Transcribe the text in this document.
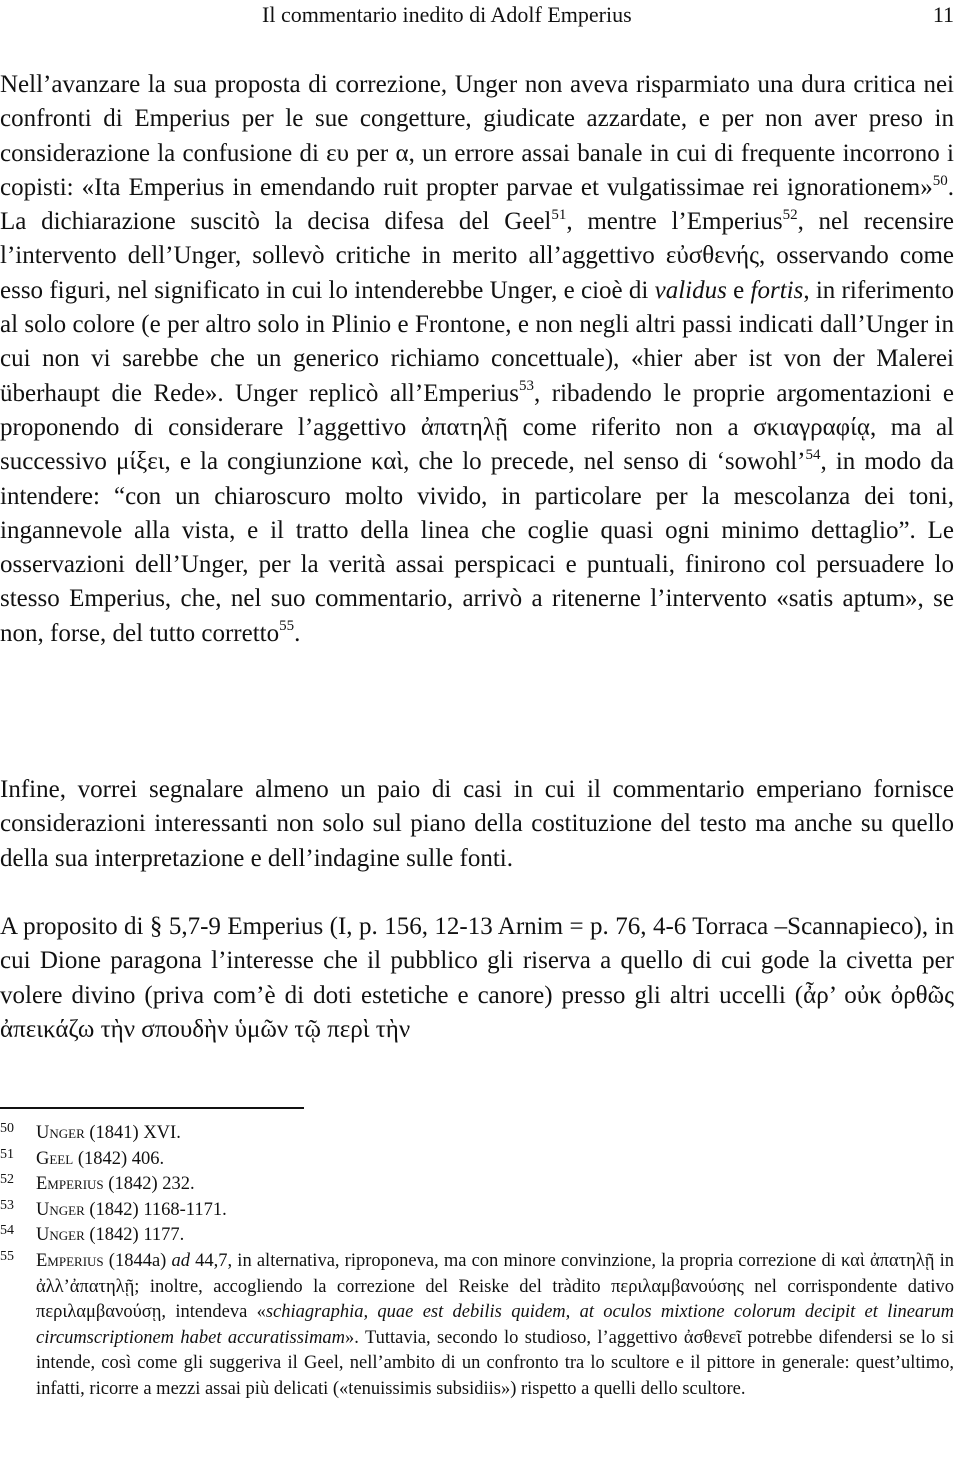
Il commentario inedito di Adolf Emperius	11
Nell’avanzare la sua proposta di correzione, Unger non aveva risparmiato una dura critica nei confronti di Emperius per le sue congetture, giudicate azzardate, e per non aver preso in considerazione la confusione di ευ per α, un errore assai banale in cui di frequente incorrono i copisti: «Ita Emperius in emendando ruit propter parvae et vulgatissimae rei ignorationem»$^{50}$. La dichiarazione suscitò la decisa difesa del Geel$^{51}$, mentre l’Emperius$^{52}$, nel recensire l’intervento dell’Unger, sollevò critiche in merito all’aggettivo εὐσθενής, osservando come esso figuri, nel significato in cui lo intenderebbe Unger, e cioè di validus e fortis, in riferimento al solo colore (e per altro solo in Plinio e Frontone, e non negli altri passi indicati dall’Unger in cui non vi sarebbe che un generico richiamo concettuale), «hier aber ist von der Malerei überhaupt die Rede». Unger replicò all’Emperius$^{53}$, ribadendo le proprie argomentazioni e proponendo di considerare l’aggettivo ἀπατηλῇ come riferito non a σκιαγραφίᾳ, ma al successivo μίξει, e la congiunzione καὶ, che lo precede, nel senso di ‘sowohl’$^{54}$, in modo da intendere: “con un chiaroscuro molto vivido, in particolare per la mescolanza dei toni, ingannevole alla vista, e il tratto della linea che coglie quasi ogni minimo dettaglio”. Le osservazioni dell’Unger, per la verità assai perspicaci e puntuali, finirono col persuadere lo stesso Emperius, che, nel suo commentario, arrivò a ritenerne l’intervento «satis aptum», se non, forse, del tutto corretto$^{55}$.
Infine, vorrei segnalare almeno un paio di casi in cui il commentario emperiano fornisce considerazioni interessanti non solo sul piano della costituzione del testo ma anche su quello della sua interpretazione e dell’indagine sulle fonti.
A proposito di § 5,7-9 Emperius (I, p. 156, 12-13 Arnim = p. 76, 4-6 Torraca –Scannapieco), in cui Dione paragona l’interesse che il pubblico gli riserva a quello di cui gode la civetta per volere divino (priva com’è di doti estetiche e canore) presso gli altri uccelli (ἆρ’ οὐκ ὀρθῶς ἀπεικάζω τὴν σπουδὴν ὑμῶν τῷ περὶ τὴν
50	Unger (1841) XVI.
51	Geel (1842) 406.
52	Emperius (1842) 232.
53	Unger (1842) 1168-1171.
54	Unger (1842) 1177.
55	Emperius (1844a) ad 44,7, in alternativa, riproponeva, ma con minore convinzione, la propria correzione di καὶ ἀπατηλῇ in ἀλλ’ἀπατηλῇ; inoltre, accogliendo la correzione del Reiske del tràdito περιλαμβανούσης nel corrispondente dativo περιλαμβανούσῃ, intendeva «schiagraphia, quae est debilis quidem, at oculos mixtione colorum decipit et linearum circumscriptionem habet accuratissimam». Tuttavia, secondo lo studioso, l’aggettivo ἀσθενεῖ potrebbe difendersi se lo si intende, così come gli suggeriva il Geel, nell’ambito di un confronto tra lo scultore e il pittore in generale: quest’ultimo, infatti, ricorre a mezzi assai più delicati («tenuissimis subsidiis») rispetto a quelli dello scultore.
